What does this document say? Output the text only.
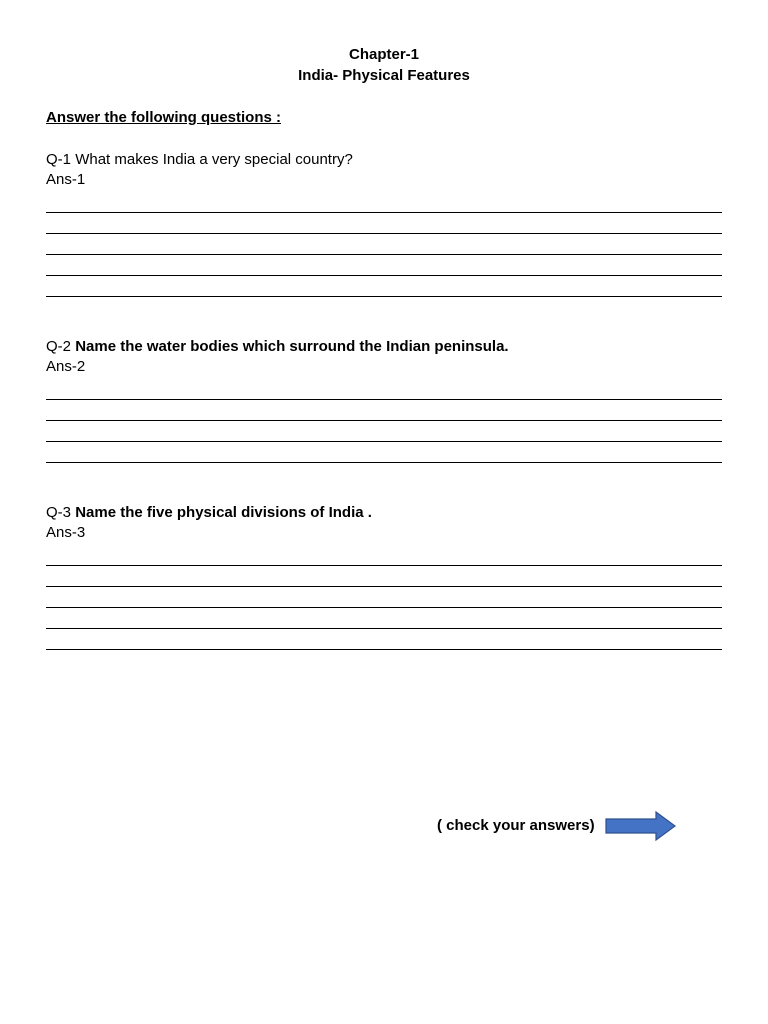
Chapter-1
India- Physical Features
Answer the following questions :
Q-1 What makes India a very special country?
Ans-1
Q-2 Name the water bodies which surround the Indian peninsula.
Ans-2
Q-3 Name the five physical divisions of India .
Ans-3
( check your answers)
